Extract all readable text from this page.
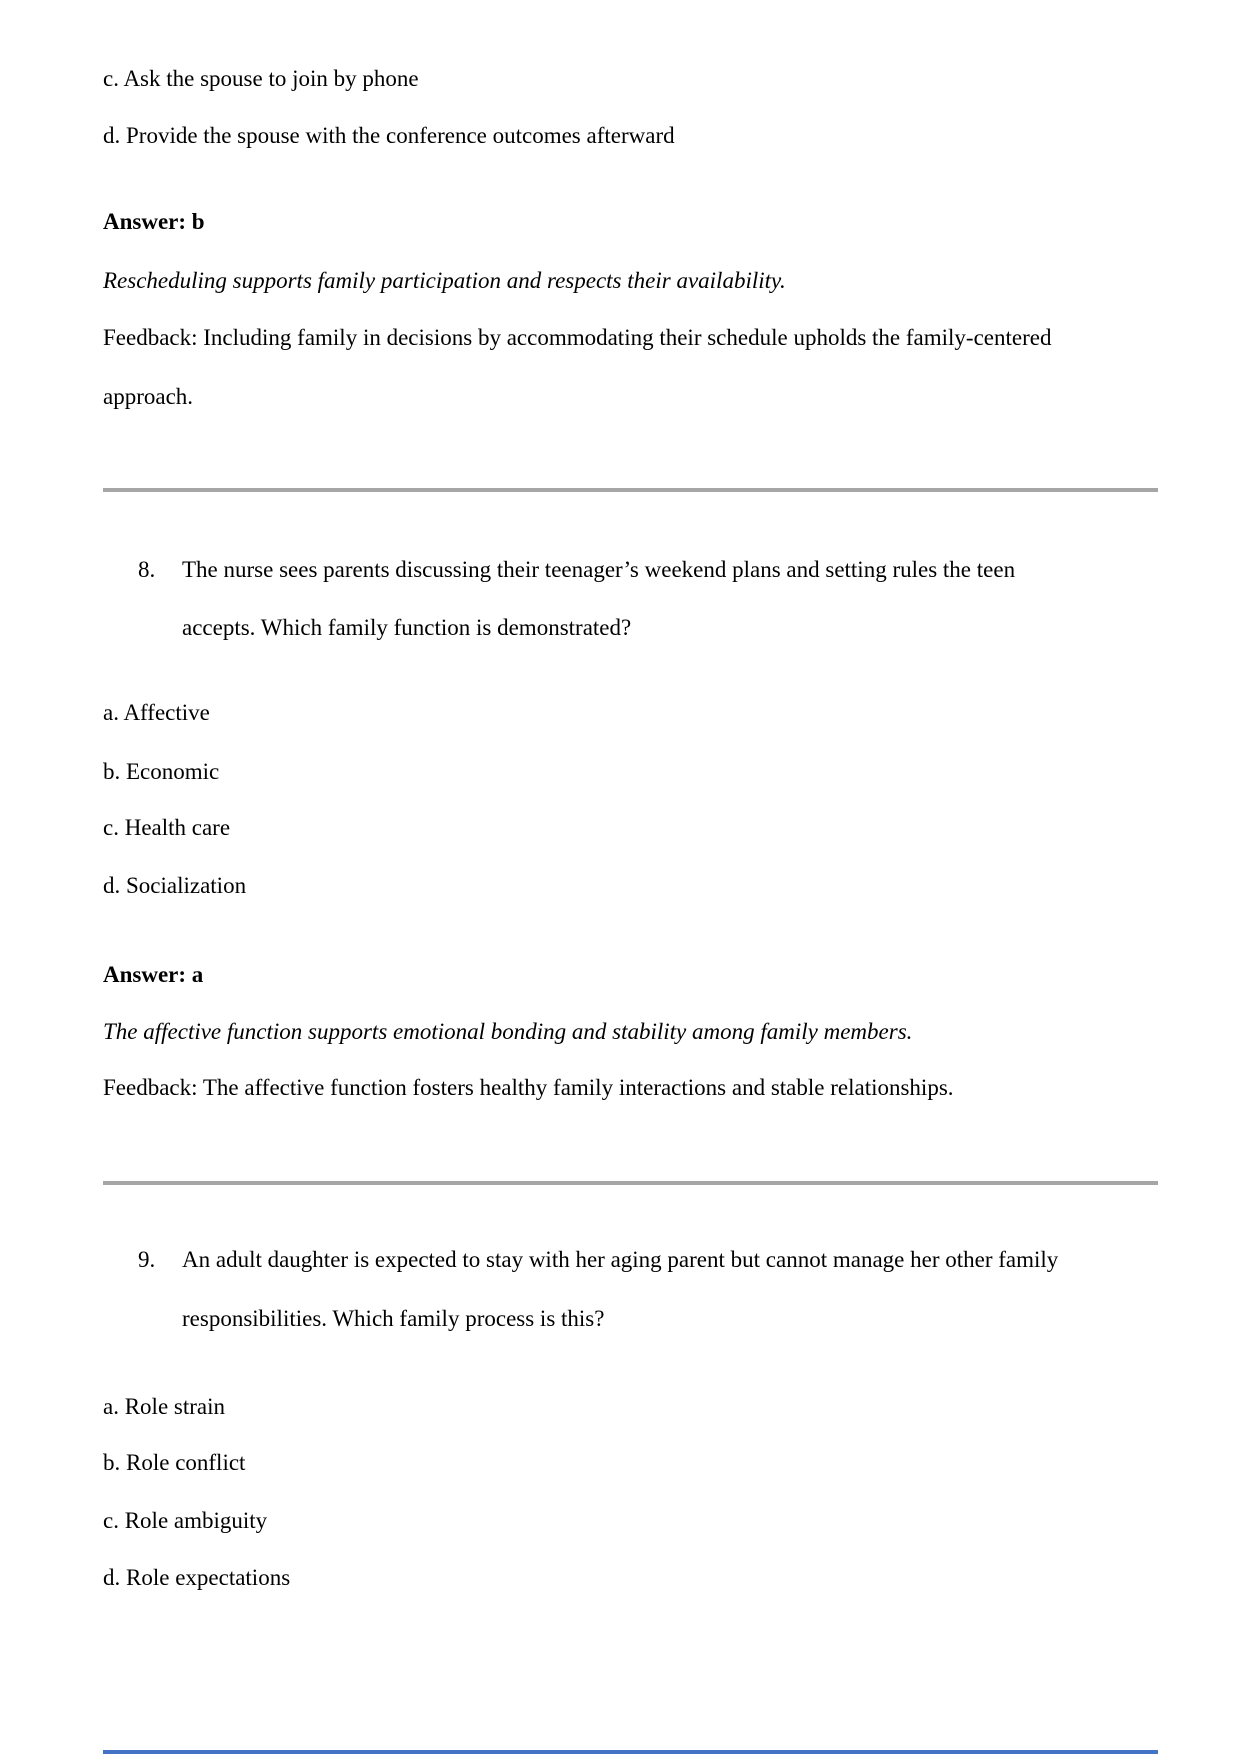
c. Ask the spouse to join by phone
d. Provide the spouse with the conference outcomes afterward
Answer: b
Rescheduling supports family participation and respects their availability.
Feedback: Including family in decisions by accommodating their schedule upholds the family-centered
approach.
8. The nurse sees parents discussing their teenager’s weekend plans and setting rules the teen
accepts. Which family function is demonstrated?
a. Affective
b. Economic
c. Health care
d. Socialization
Answer: a
The affective function supports emotional bonding and stability among family members.
Feedback: The affective function fosters healthy family interactions and stable relationships.
9. An adult daughter is expected to stay with her aging parent but cannot manage her other family
responsibilities. Which family process is this?
a. Role strain
b. Role conflict
c. Role ambiguity
d. Role expectations
